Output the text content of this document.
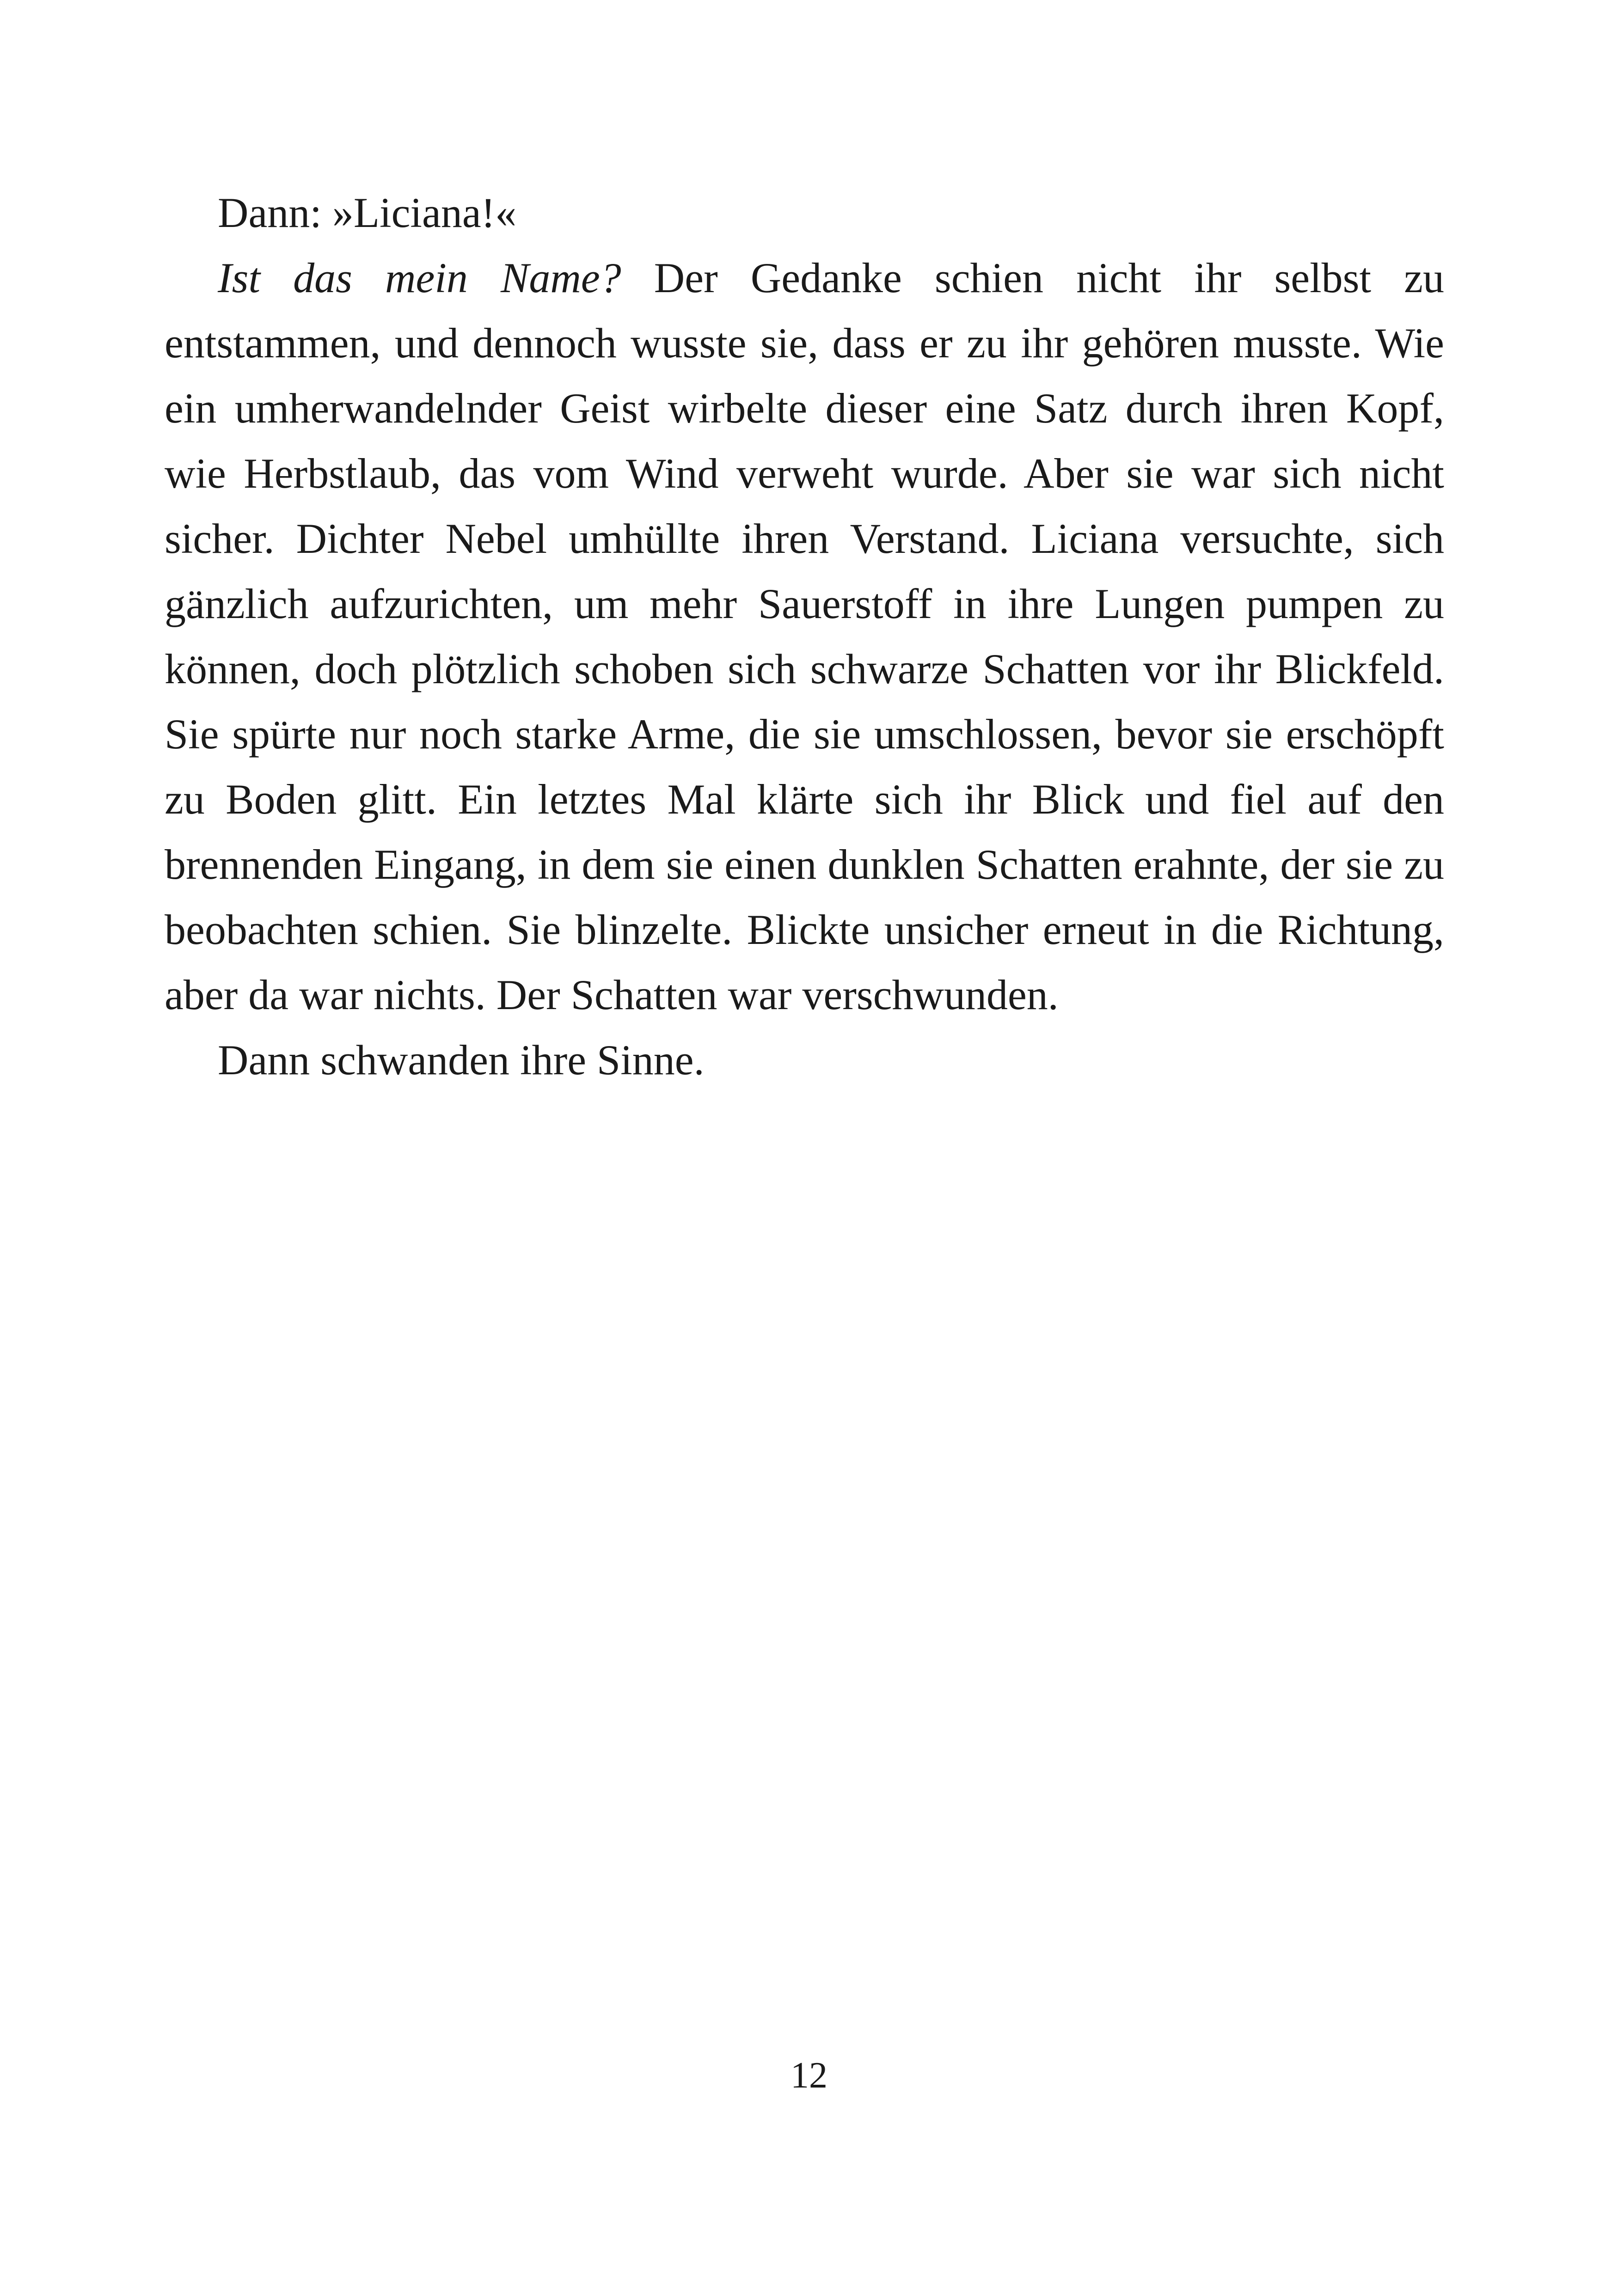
Dann: »Liciana!«

Ist das mein Name? Der Gedanke schien nicht ihr selbst zu entstammen, und dennoch wusste sie, dass er zu ihr gehören musste. Wie ein umherwandelnder Geist wirbelte dieser eine Satz durch ihren Kopf, wie Herbstlaub, das vom Wind verweht wurde. Aber sie war sich nicht sicher. Dichter Nebel umhüllte ihren Verstand. Liciana versuchte, sich gänzlich aufzurichten, um mehr Sauerstoff in ihre Lungen pumpen zu können, doch plötzlich schoben sich schwarze Schatten vor ihr Blickfeld. Sie spürte nur noch starke Arme, die sie umschlossen, bevor sie erschöpft zu Boden glitt. Ein letztes Mal klärte sich ihr Blick und fiel auf den brennenden Eingang, in dem sie einen dunklen Schatten erahnte, der sie zu beobachten schien. Sie blinzelte. Blickte unsicher erneut in die Richtung, aber da war nichts. Der Schatten war verschwunden.

Dann schwanden ihre Sinne.

12
